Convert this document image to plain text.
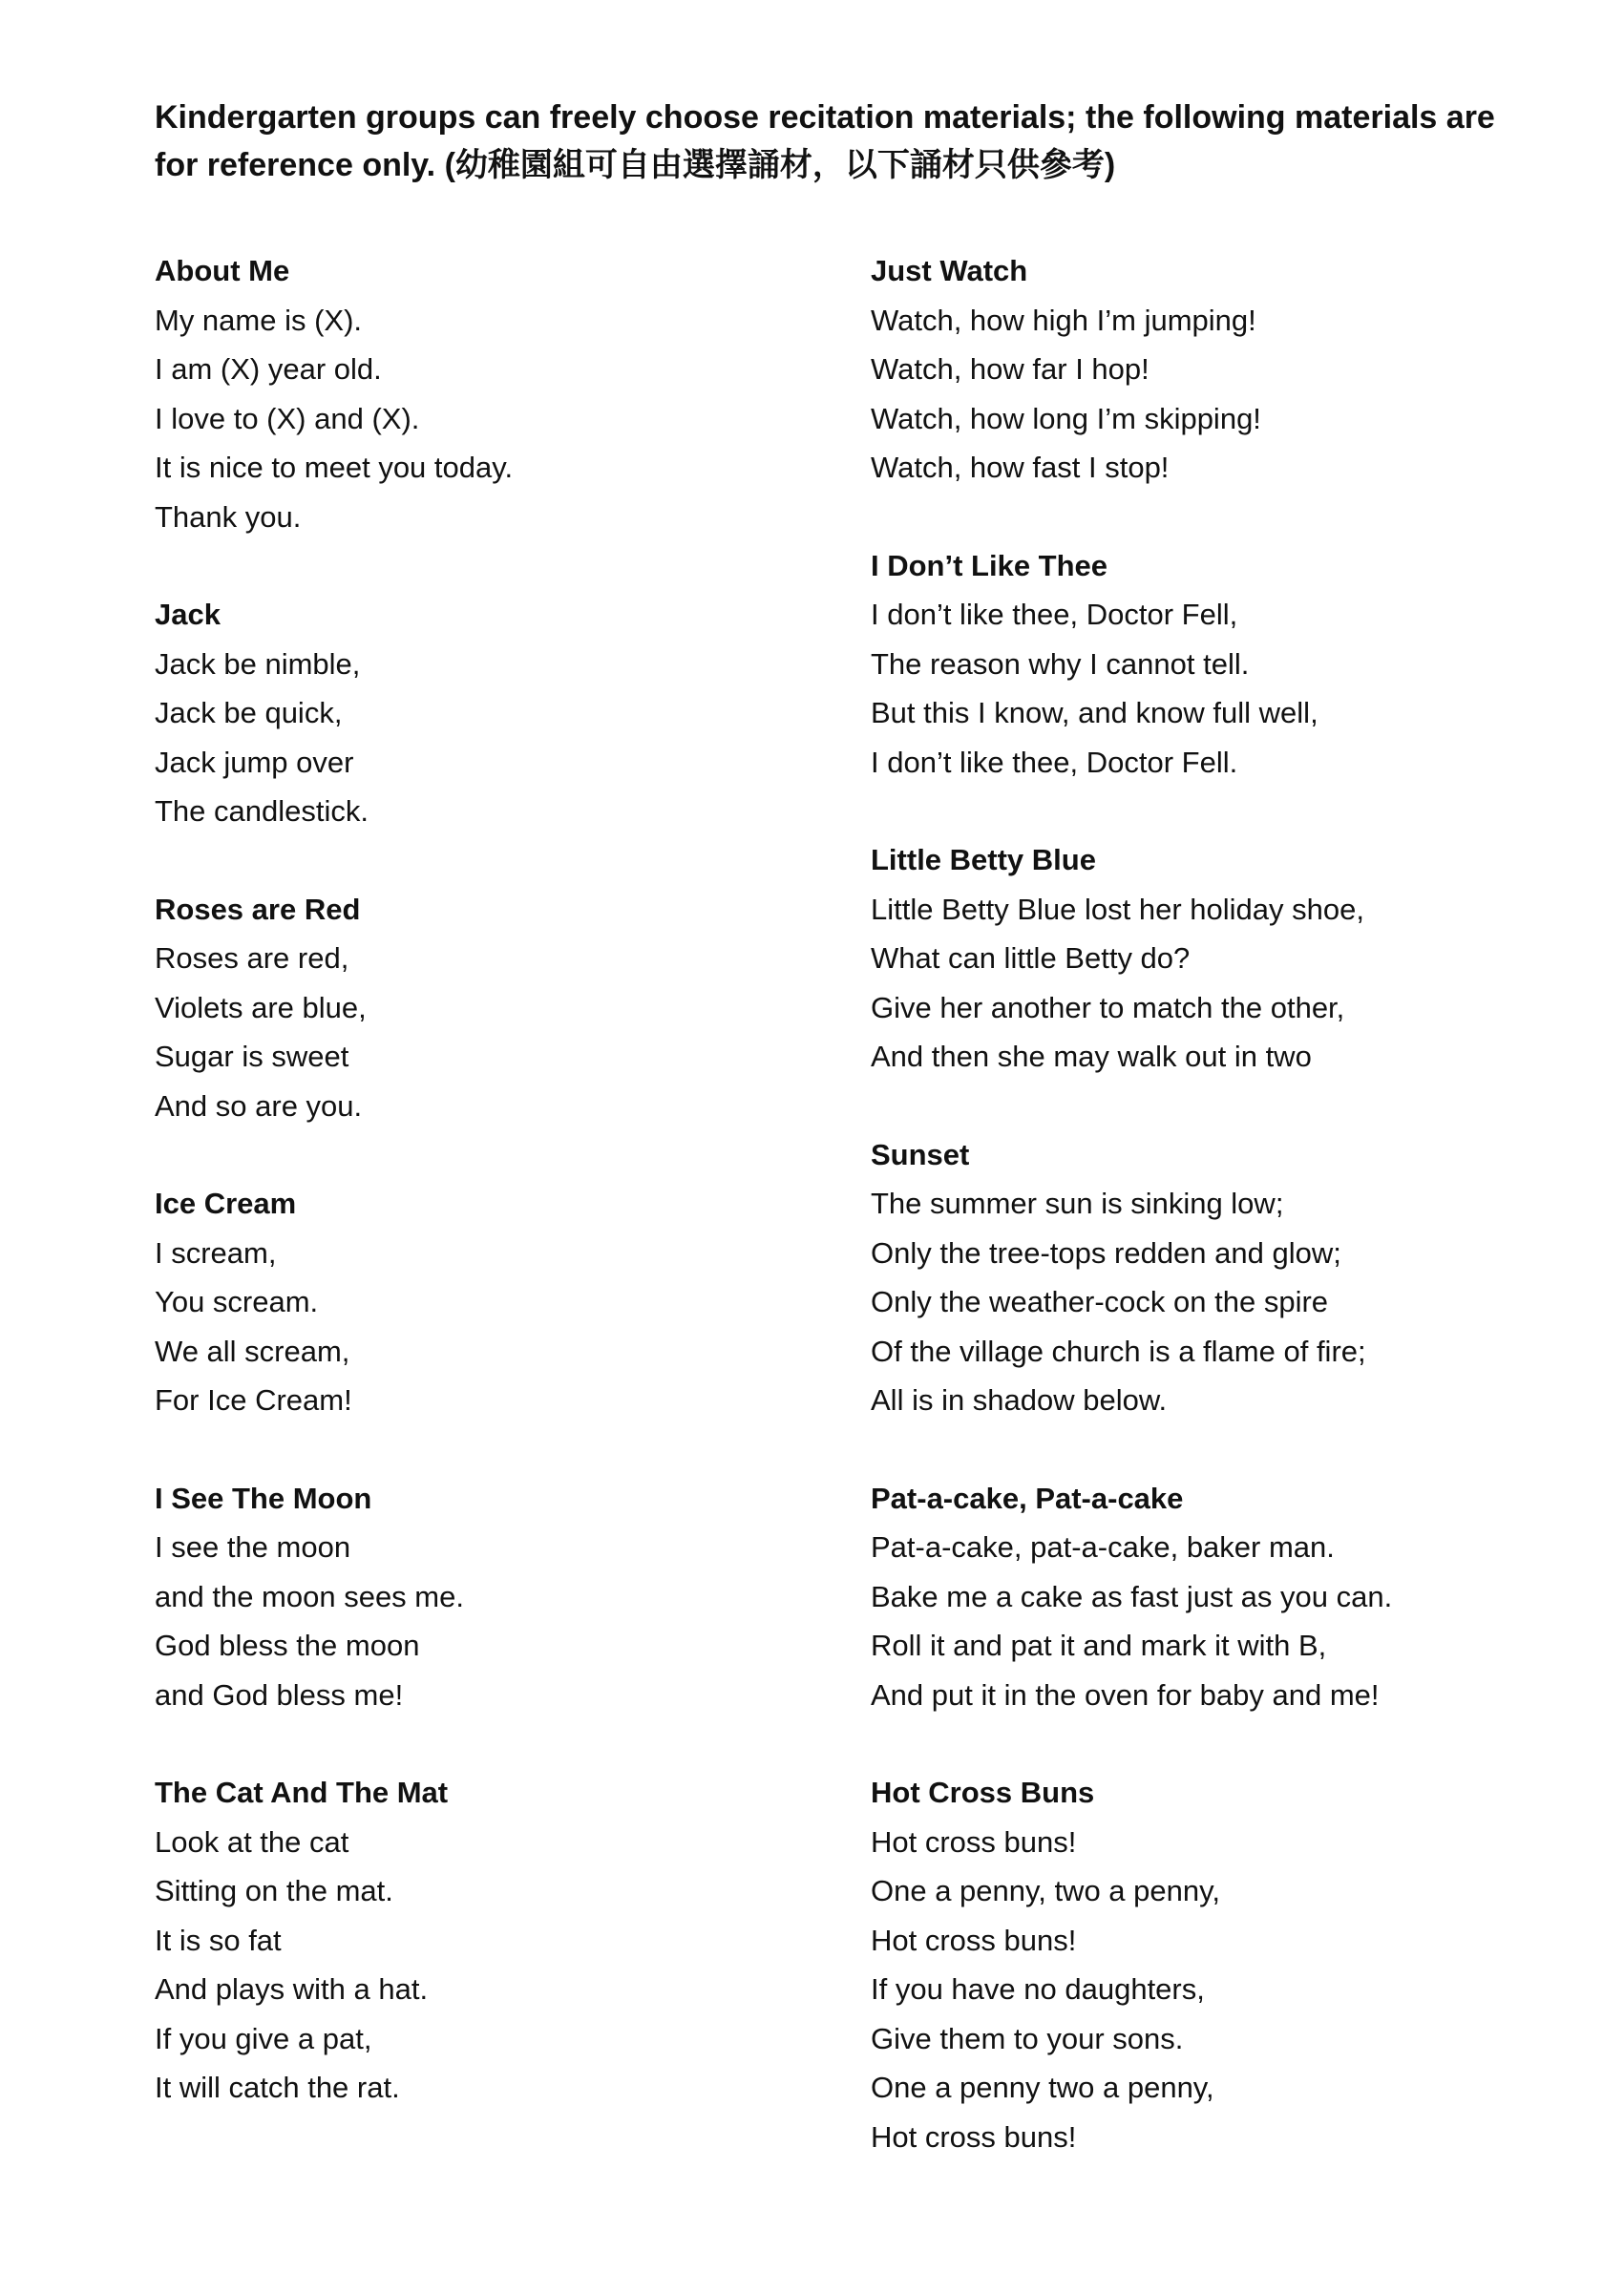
Kindergarten groups can freely choose recitation materials; the following materials are for reference only. (幼稚園組可自由選擇誦材，以下誦材只供參考)
About Me
My name is (X).
I am (X) year old.
I love to (X) and (X).
It is nice to meet you today.
Thank you.
Jack
Jack be nimble,
Jack be quick,
Jack jump over
The candlestick.
Roses are Red
Roses are red,
Violets are blue,
Sugar is sweet
And so are you.
Ice Cream
I scream,
You scream.
We all scream,
For Ice Cream!
I See The Moon
I see the moon
and the moon sees me.
God bless the moon
and God bless me!
The Cat And The Mat
Look at the cat
Sitting on the mat.
It is so fat
And plays with a hat.
If you give a pat,
It will catch the rat.
Just Watch
Watch, how high I’m jumping!
Watch, how far I hop!
Watch, how long I’m skipping!
Watch, how fast I stop!
I Don’t Like Thee
I don’t like thee, Doctor Fell,
The reason why I cannot tell.
But this I know, and know full well,
I don’t like thee, Doctor Fell.
Little Betty Blue
Little Betty Blue lost her holiday shoe,
What can little Betty do?
Give her another to match the other,
And then she may walk out in two
Sunset
The summer sun is sinking low;
Only the tree-tops redden and glow;
Only the weather-cock on the spire
Of the village church is a flame of fire;
All is in shadow below.
Pat-a-cake, Pat-a-cake
Pat-a-cake, pat-a-cake, baker man.
Bake me a cake as fast just as you can.
Roll it and pat it and mark it with B,
And put it in the oven for baby and me!
Hot Cross Buns
Hot cross buns!
One a penny, two a penny,
Hot cross buns!
If you have no daughters,
Give them to your sons.
One a penny two a penny,
Hot cross buns!
